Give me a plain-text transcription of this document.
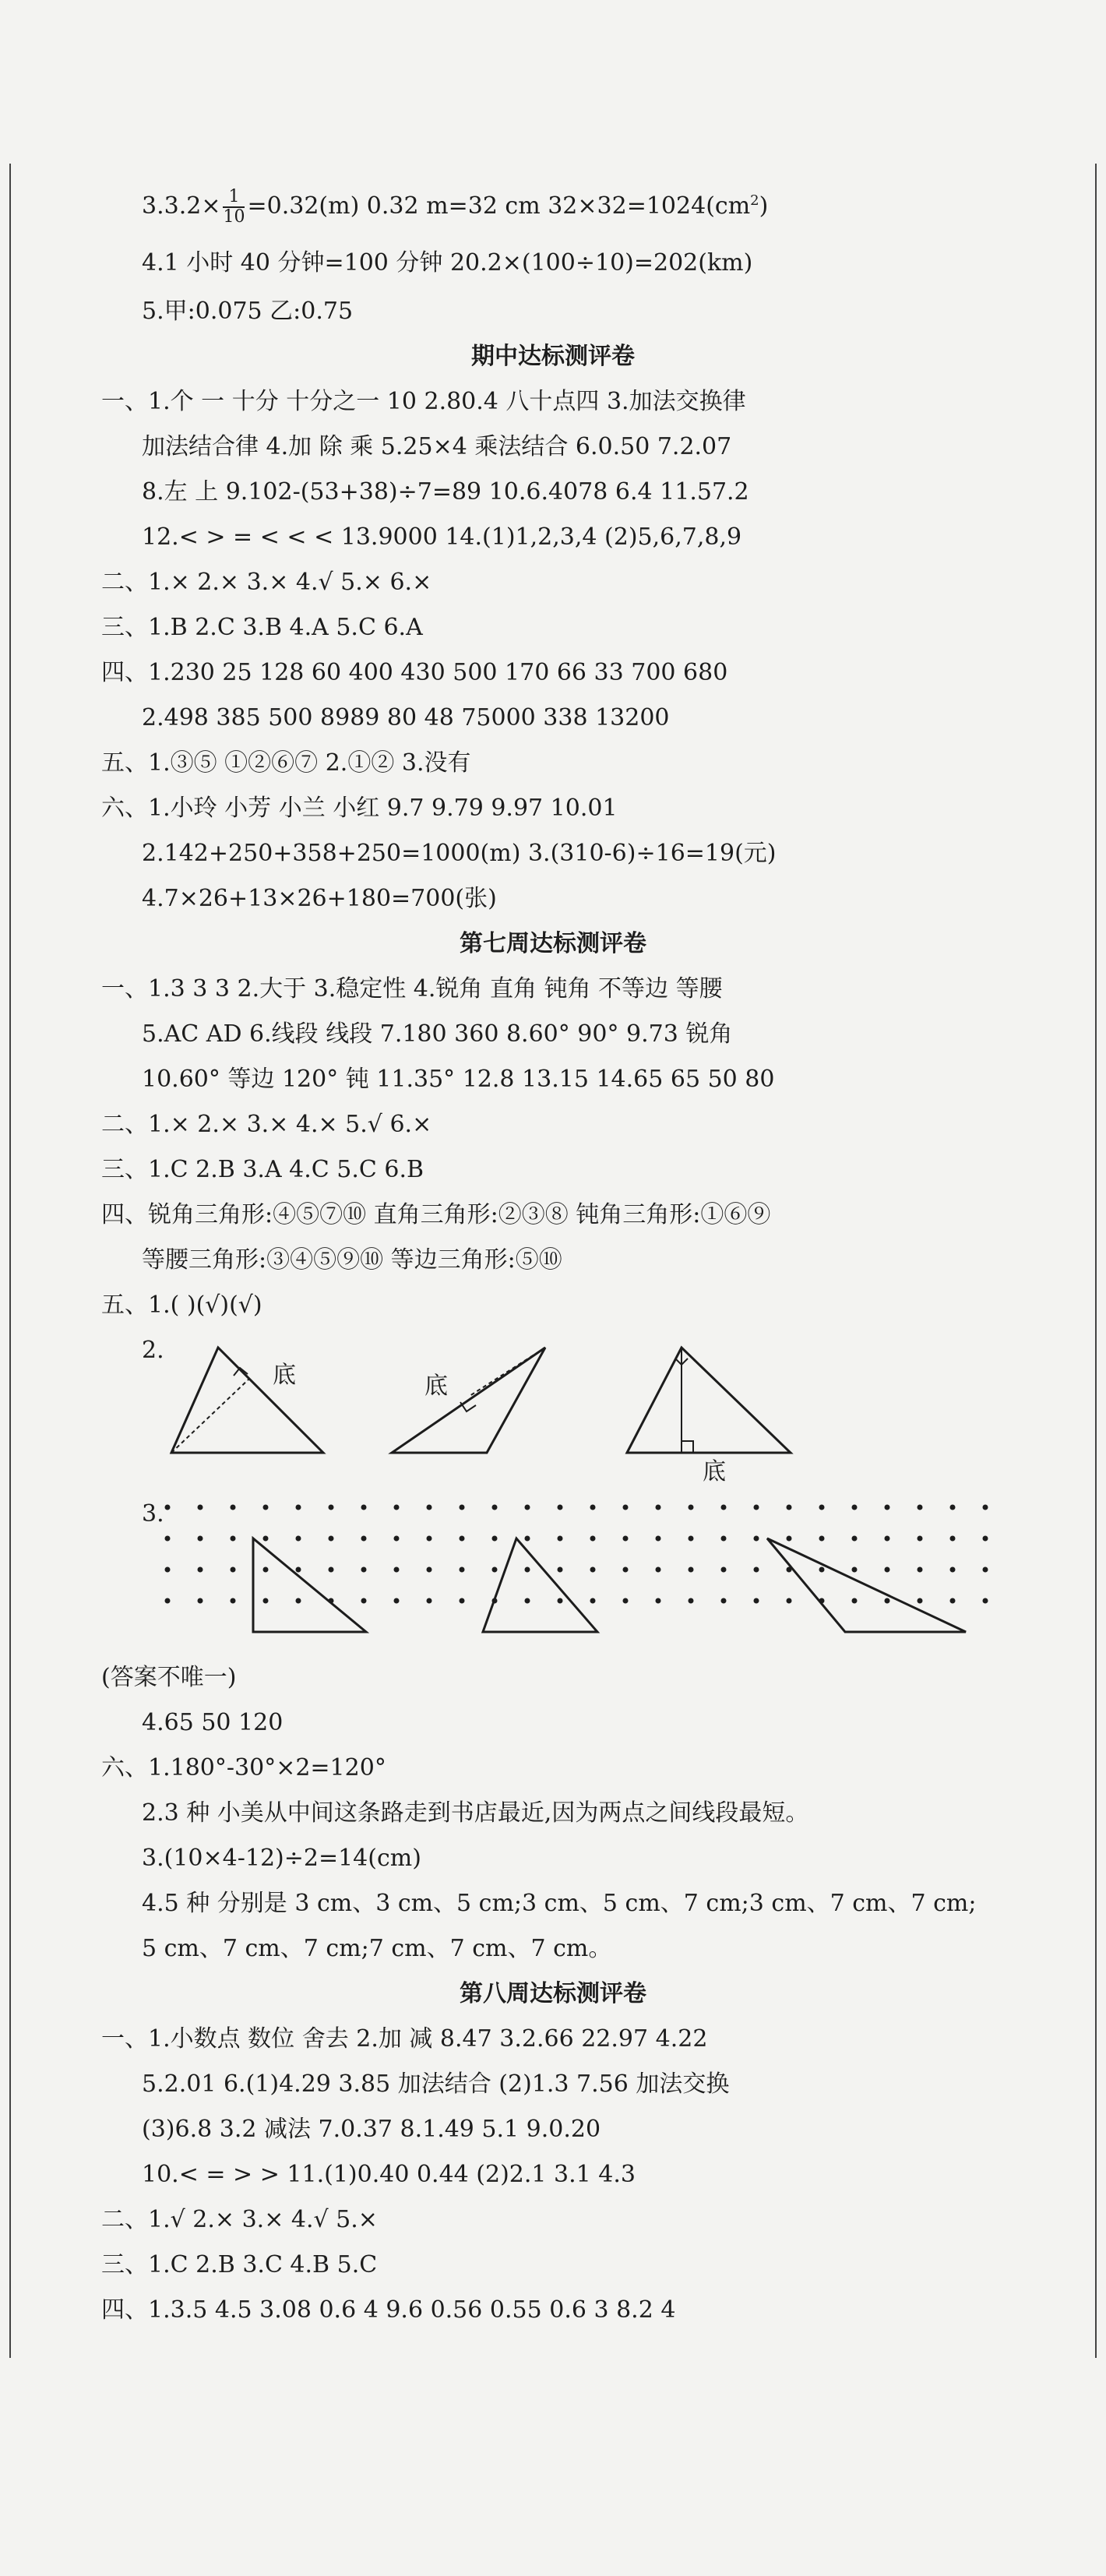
$3.3.2\times \frac{1}{10} =0.32(m)$ 0.32 m=32 cm $32\times 32=1024(cm^2)$
4.1 小时 40 分钟=100 分钟 20.2×(100÷10)=202(km)
5.甲:0.075 乙:0.75
期中达标测评卷
一、1.个 一 十分 十分之一 10 2.80.4 八十点四 3.加法交换律
加法结合律 4.加 除 乘 5.25×4 乘法结合 6.0.50 7.2.07
8.左 上 9.102-(53+38)÷7=89 10.6.4078 6.4 11.57.2
12.< > = < < < 13.9000 14.(1)1,2,3,4 (2)5,6,7,8,9
二、1.× 2.× 3.× 4.√ 5.× 6.×
三、1.B 2.C 3.B 4.A 5.C 6.A
四、1.230 25 128 60 400 430 500 170 66 33 700 680
2.498 385 500 8989 80 48 75000 338 13200
五、1.③⑤ ①②⑥⑦ 2.①② 3.没有
六、1.小玲 小芳 小兰 小红 9.7 9.79 9.97 10.01
2.142+250+358+250=1000(m) 3.(310-6)÷16=19(元)
4.7×26+13×26+180=700(张)
第七周达标测评卷
一、1.3 3 3 2.大于 3.稳定性 4.锐角 直角 钝角 不等边 等腰
5.AC AD 6.线段 线段 7.180 360 8.60° 90° 9.73 锐角
10.60° 等边 120° 钝 11.35° 12.8 13.15 14.65 65 50 80
二、1.× 2.× 3.× 4.× 5.√ 6.×
三、1.C 2.B 3.A 4.C 5.C 6.B
四、锐角三角形:④⑤⑦⑩ 直角三角形:②③⑧ 钝角三角形:①⑥⑨
等腰三角形:③④⑤⑨⑩ 等边三角形:⑤⑩
五、1.( )(√)(√)
2.
底	底
底
3.
(答案不唯一)
4.65 50 120
六、1.180°-30°×2=120°
2.3 种 小美从中间这条路走到书店最近,因为两点之间线段最短。
3.(10×4-12)÷2=14(cm)
4.5 种 分别是 3 cm、3 cm、5 cm;3 cm、5 cm、7 cm;3 cm、7 cm、7 cm;
5 cm、7 cm、7 cm;7 cm、7 cm、7 cm。
第八周达标测评卷
一、1.小数点 数位 舍去 2.加 减 8.47 3.2.66 22.97 4.22
5.2.01 6.(1)4.29 3.85 加法结合 (2)1.3 7.56 加法交换
(3)6.8 3.2 减法 7.0.37 8.1.49 5.1 9.0.20
10.< = > > 11.(1)0.40 0.44 (2)2.1 3.1 4.3
二、1.√ 2.× 3.× 4.√ 5.×
三、1.C 2.B 3.C 4.B 5.C
四、1.3.5 4.5 3.08 0.6 4 9.6 0.56 0.55 0.6 3 8.2 4
